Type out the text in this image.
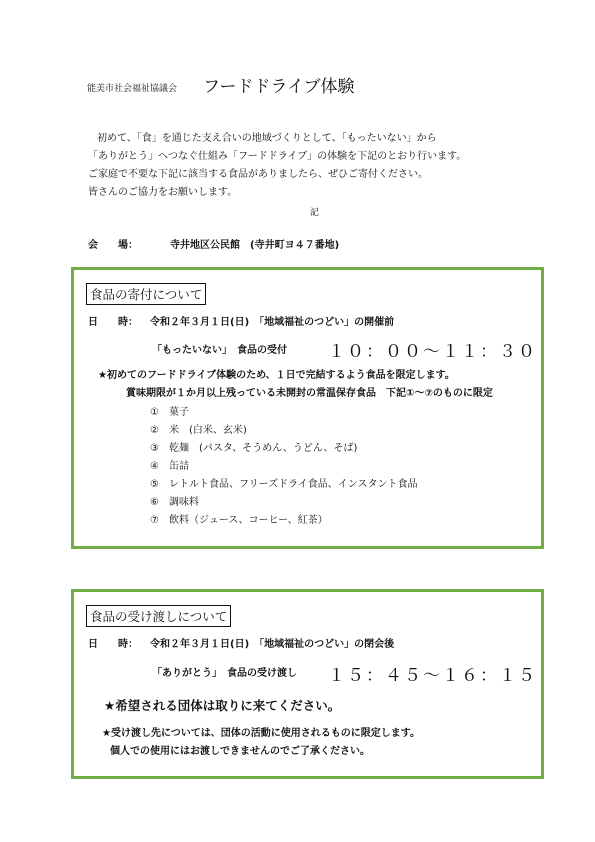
能美市社会福祉協議会 フードドライブ体験
初めて、「食」を通じた支え合いの地域づくりとして、「もったいない」から
「ありがとう」へつなぐ仕組み「フードドライブ」の体験を下記のとおり行います。
ご家庭で不要な下記に該当する食品がありましたら、ぜひご寄付ください。
皆さんのご協力をお願いします。
記
会　　場：	寺井地区公民館　(寺井町ヨ４７番地)
食品の寄付について
日　　時： 令和２年３月１日(日)　「地域福祉のつどい」の開催前
「もったいない」　食品の受付 １０：００～１１：３０
★初めてのフードドライブ体験のため、１日で完結するよう食品を限定します。
賞味期限が１か月以上残っている未開封の常温保存食品　下記①～⑦のものに限定
①　 菓子
②　 米　(白米、玄米)
③　 乾麺　(パスタ、そうめん、うどん、そば)
④　 缶詰
⑤　 レトルト食品、フリーズドライ食品、インスタント食品
⑥　 調味料
⑦　 飲料（ジュース、コーヒー、紅茶）
食品の受け渡しについて
日　　時： 令和２年３月１日(日)　「地域福祉のつどい」の閉会後
「ありがとう」　食品の受け渡し １５：４５～１６：１５
★希望される団体は取りに来てください。
★受け渡し先については、団体の活動に使用されるものに限定します。
個人での使用にはお渡しできませんのでご了承ください。
